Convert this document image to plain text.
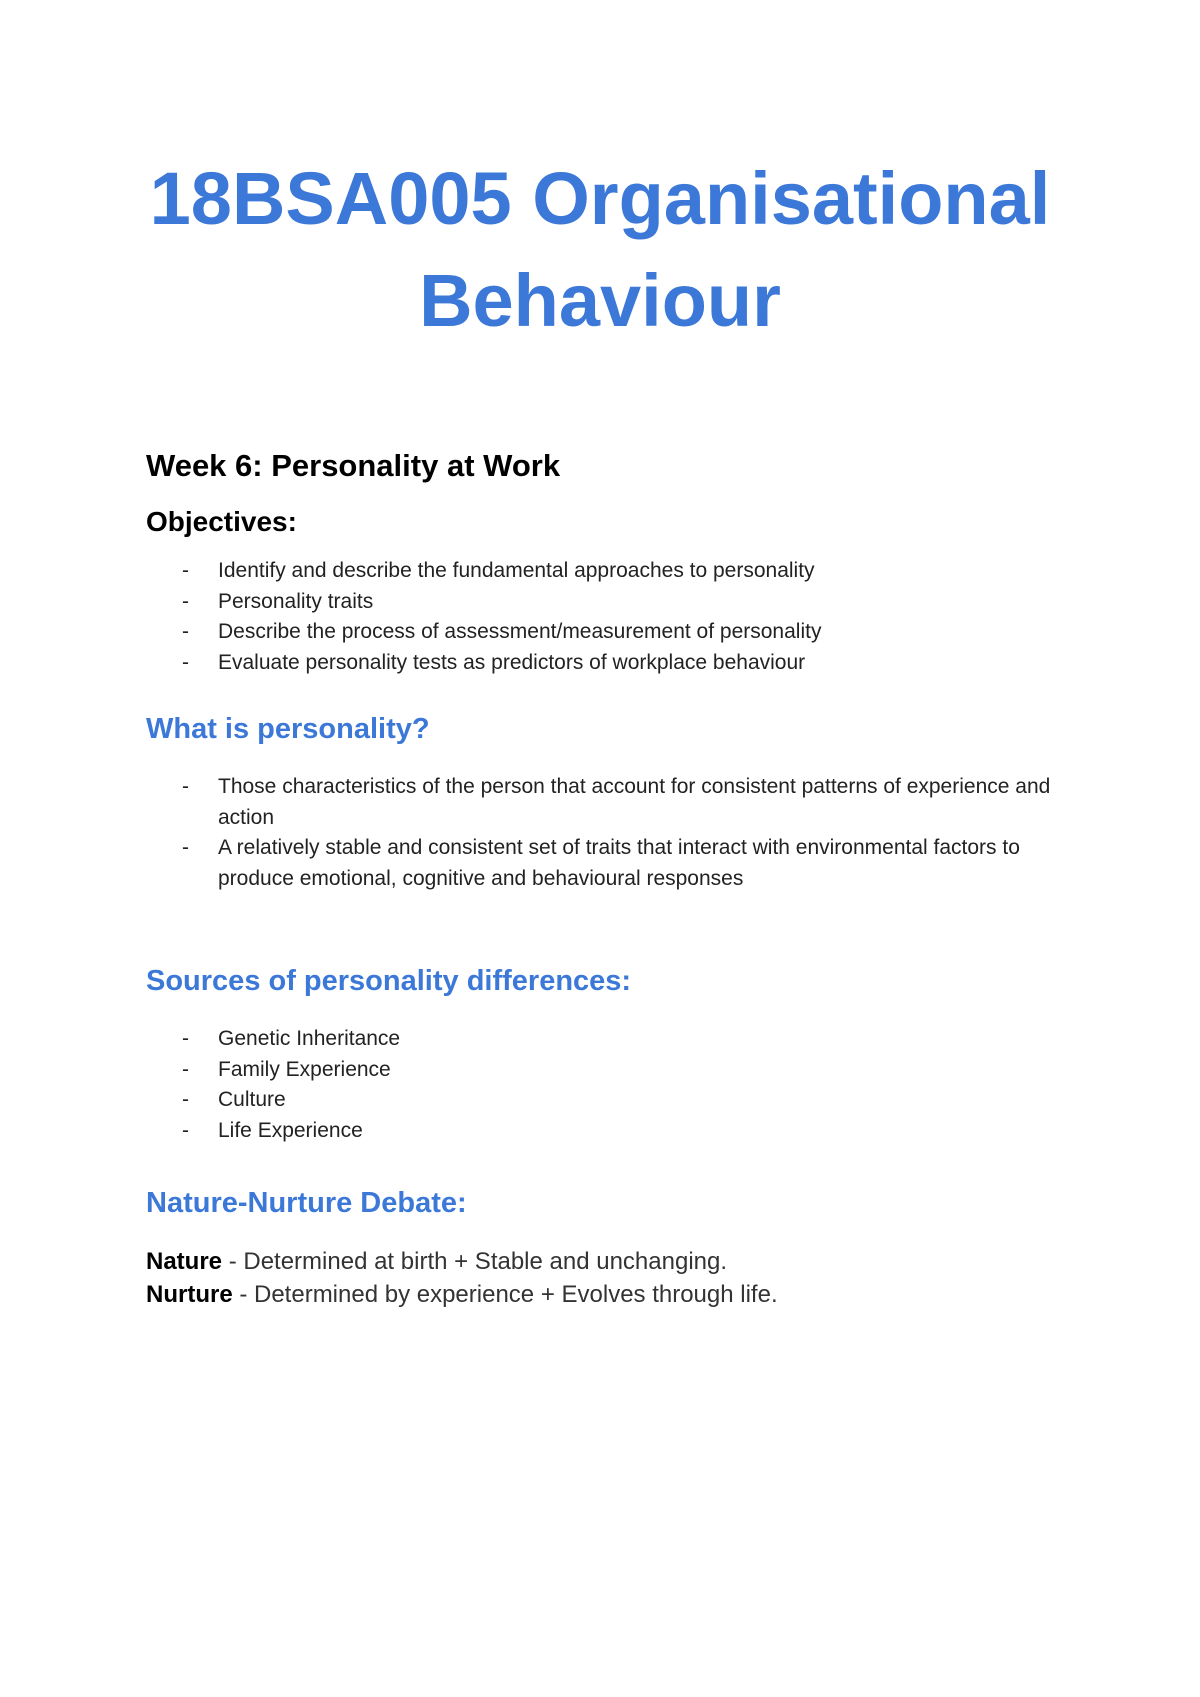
18BSA005 Organisational
Behaviour
Week 6: Personality at Work
Objectives:
- Identify and describe the fundamental approaches to personality
- Personality traits
- Describe the process of assessment/measurement of personality
- Evaluate personality tests as predictors of workplace behaviour
What is personality?
- Those characteristics of the person that account for consistent patterns of experience and action
- A relatively stable and consistent set of traits that interact with environmental factors to produce emotional, cognitive and behavioural responses
Sources of personality differences:
- Genetic Inheritance
- Family Experience
- Culture
- Life Experience
Nature-Nurture Debate:

Nature - Determined at birth + Stable and unchanging.

Nurture - Determined by experience + Evolves through life.
